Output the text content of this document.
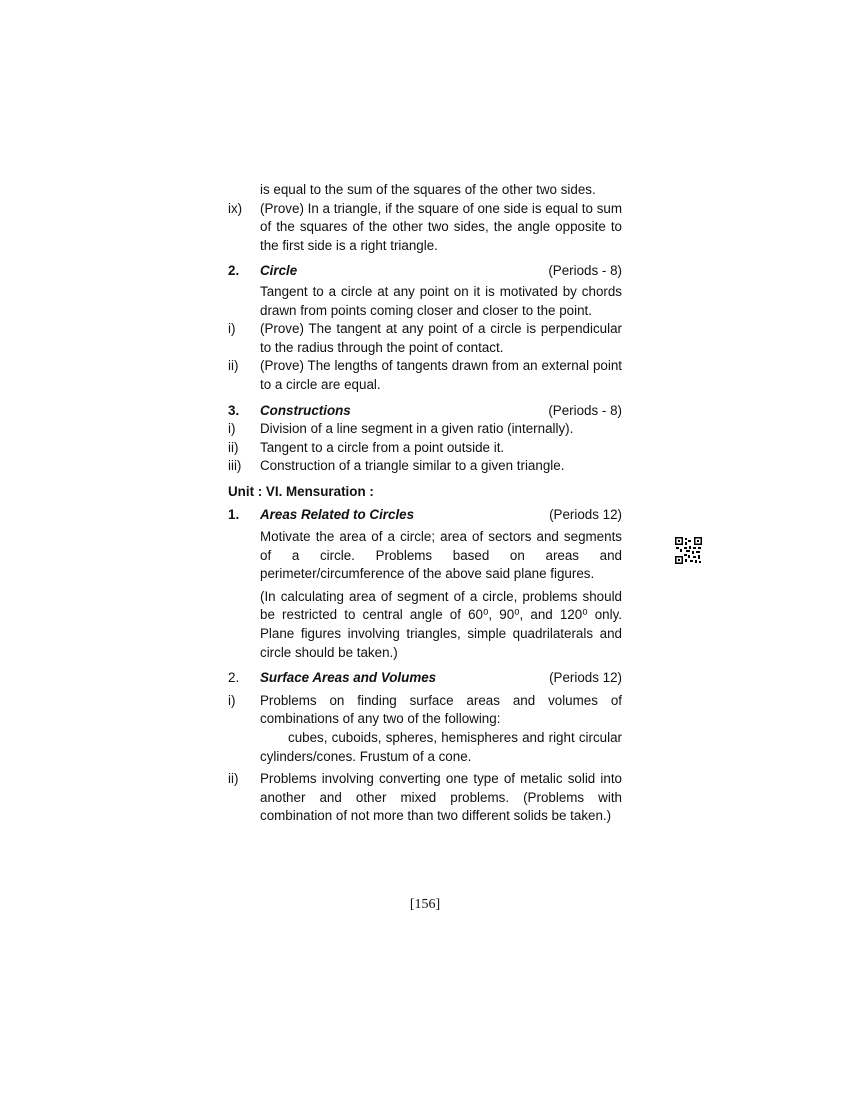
is equal to the sum of the squares of the other two sides.
ix)	(Prove) In a triangle, if the square of one side is equal to sum of the squares of the other two sides, the angle opposite to the first side is a right triangle.
2.	Circle	(Periods - 8)
Tangent to a circle at any point on it is motivated by chords drawn from points coming closer and closer to the point.
i)	(Prove) The tangent at any point of a circle is perpendicular to the radius through the point of contact.
ii)	(Prove) The lengths of tangents drawn from an external point to a circle are equal.
3.	Constructions	(Periods - 8)
i)	Division of a line segment in a given ratio (internally).
ii)	Tangent to a circle from a point outside it.
iii)	Construction of a triangle similar to a given triangle.
Unit : VI. Mensuration :
1.	Areas Related to Circles	(Periods 12)
Motivate the area of a circle; area of sectors and segments of a circle. Problems based on areas and perimeter/circumference of the above said plane figures.
(In calculating area of segment of a circle, problems should be restricted to central angle of 60⁰, 90⁰, and 120⁰ only. Plane figures involving triangles, simple quadrilaterals and circle should be taken.)
2.	Surface Areas and Volumes	(Periods 12)
i)	Problems on finding surface areas and volumes of combinations of any two of the following:
cubes, cuboids, spheres, hemispheres and right circular cylinders/cones. Frustum of a cone.
ii)	Problems involving converting one type of metalic solid into another and other mixed problems. (Problems with combination of not more than two different solids be taken.)
[156]
